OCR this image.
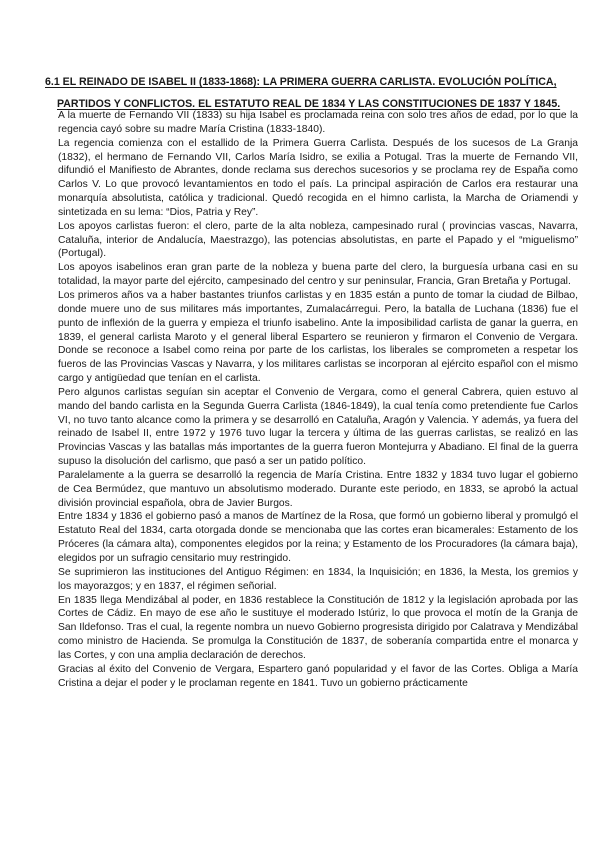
6.1 EL REINADO DE ISABEL II (1833-1868): LA PRIMERA GUERRA CARLISTA. EVOLUCIÓN POLÍTICA,
PARTIDOS Y CONFLICTOS. EL ESTATUTO REAL DE 1834 Y LAS CONSTITUCIONES DE 1837 Y 1845.

A la muerte de Fernando VII (1833) su hija Isabel es proclamada reina con solo tres años de edad, por lo que la regencia cayó sobre su madre María Cristina (1833-1840).

La regencia comienza con el estallido de la Primera Guerra Carlista. Después de los sucesos de La Granja (1832), el hermano de Fernando VII, Carlos María Isidro, se exilia a Potugal. Tras la muerte de Fernando VII, difundió el Manifiesto de Abrantes, donde reclama sus derechos sucesorios y se proclama rey de España como Carlos V. Lo que provocó levantamientos en todo el país. La principal aspiración de Carlos era restaurar una monarquía absolutista, católica y tradicional. Quedó recogida en el himno carlista, la Marcha de Oriamendi y sintetizada en su lema: “Dios, Patria y Rey”.

Los apoyos carlistas fueron: el clero, parte de la alta nobleza, campesinado rural ( provincias vascas, Navarra, Cataluña, interior de Andalucía, Maestrazgo), las potencias absolutistas, en parte el Papado y el “miguelismo” (Portugal).

Los apoyos isabelinos eran gran parte de la nobleza y buena parte del clero, la burguesía urbana casi en su totalidad, la mayor parte del ejército, campesinado del centro y sur peninsular, Francia, Gran Bretaña y Portugal.

Los primeros años va a haber bastantes triunfos carlistas y en 1835 están a punto de tomar la ciudad de Bilbao, donde muere uno de sus militares más importantes, Zumalacárregui. Pero, la batalla de Luchana (1836) fue el punto de inflexión de la guerra y empieza el triunfo isabelino. Ante la imposibilidad carlista de ganar la guerra, en 1839, el general carlista Maroto y el general liberal Espartero se reunieron y firmaron el Convenio de Vergara. Donde se reconoce a Isabel como reina por parte de los carlistas, los liberales se comprometen a respetar los fueros de las Provincias Vascas y Navarra, y los militares carlistas se incorporan al ejército español con el mismo cargo y antigüedad que tenían en el carlista.

Pero algunos carlistas seguían sin aceptar el Convenio de Vergara, como el general Cabrera, quien estuvo al mando del bando carlista en la Segunda Guerra Carlista (1846-1849), la cual tenía como pretendiente fue Carlos VI, no tuvo tanto alcance como la primera y se desarrolló en Cataluña, Aragón y Valencia. Y además, ya fuera del reinado de Isabel II, entre 1972 y 1976 tuvo lugar la tercera y última de las guerras carlistas, se realizó en las Provincias Vascas y las batallas más importantes de la guerra fueron Montejurra y Abadiano. El final de la guerra supuso la disolución del carlismo, que pasó a ser un patido político.

Paralelamente a la guerra se desarrolló la regencia de María Cristina. Entre 1832 y 1834 tuvo lugar el gobierno de Cea Bermúdez, que mantuvo un absolutismo moderado. Durante este periodo, en 1833, se aprobó la actual división provincial española, obra de Javier Burgos.

Entre 1834 y 1836 el gobierno pasó a manos de Martínez de la Rosa, que formó un gobierno liberal y promulgó el Estatuto Real del 1834, carta otorgada donde se mencionaba que las cortes eran bicamerales: Estamento de los Próceres (la cámara alta), componentes elegidos por la reina; y Estamento de los Procuradores (la cámara baja), elegidos por un sufragio censitario muy restringido.

Se suprimieron las instituciones del Antiguo Régimen: en 1834, la Inquisición; en 1836, la Mesta, los gremios y los mayorazgos; y en 1837, el régimen señorial.

En 1835 llega Mendizábal al poder, en 1836 restablece la Constitución de 1812 y la legislación aprobada por las Cortes de Cádiz. En mayo de ese año le sustituye el moderado Istúriz, lo que provoca el motín de la Granja de San Ildefonso. Tras el cual, la regente nombra un nuevo Gobierno progresista dirigido por Calatrava y Mendizábal como ministro de Hacienda. Se promulga la Constitución de 1837, de soberanía compartida entre el monarca y las Cortes, y con una amplia declaración de derechos.

Gracias al éxito del Convenio de Vergara, Espartero ganó popularidad y el favor de las Cortes. Obliga a María Cristina a dejar el poder y le proclaman regente en 1841. Tuvo un gobierno prácticamente
